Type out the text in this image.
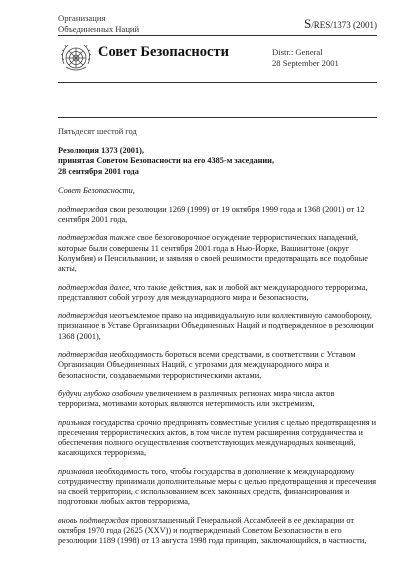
Организация
Объединенных Наций	S/RES/1373 (2001)
Совет Безопасности	Distr.: General
28 September 2001
Пятьдесят шестой год
Резолюция 1373 (2001),
принятая Советом Безопасности на его 4385-м заседании,
28 сентября 2001 года

Совет Безопасности,

подтверждая свои резолюции 1269 (1999) от 19 октября 1999 года и 1368 (2001) от 12 сентября 2001 года,

подтверждая также свое безоговорочное осуждение террористических нападений, которые были совершены 11 сентября 2001 года в Нью-Йорке, Вашингтоне (округ Колумбия) и Пенсильвании, и заявляя о своей решимости предотвращать все подобные акты,

подтверждая далее, что такие действия, как и любой акт международного терроризма, представляют собой угрозу для международного мира и безопасности,

подтверждая неотъемлемое право на индивидуальную или коллективную самооборону, признанное в Уставе Организации Объединенных Наций и подтвержденное в резолюции 1368 (2001),

подтверждая необходимость бороться всеми средствами, в соответствии с Уставом Организации Объединенных Наций, с угрозами для международного мира и безопасности, создаваемыми террористическими актами,

будучи глубоко озабочен увеличением в различных регионах мира числа актов терроризма, мотивами которых являются нетерпимость или экстремизм,

призывая государства срочно предпринять совместные усилия с целью предотвращения и пресечения террористических актов, в том числе путем расширения сотрудничества и обеспечения полного осуществления соответствующих международных конвенций, касающихся терроризма,

признавая необходимость того, чтобы государства в дополнение к международному сотрудничеству принимали дополнительные меры с целью предотвращения и пресечения на своей территории, с использованием всех законных средств, финансирования и подготовки любых актов терроризма,

вновь подтверждая провозглашенный Генеральной Ассамблеей в ее декларации от октября 1970 года (2625 (XXV)) и подтвержденный Советом Безопасности в его резолюции 1189 (1998) от 13 августа 1998 года принцип, заключающийся, в частности,
